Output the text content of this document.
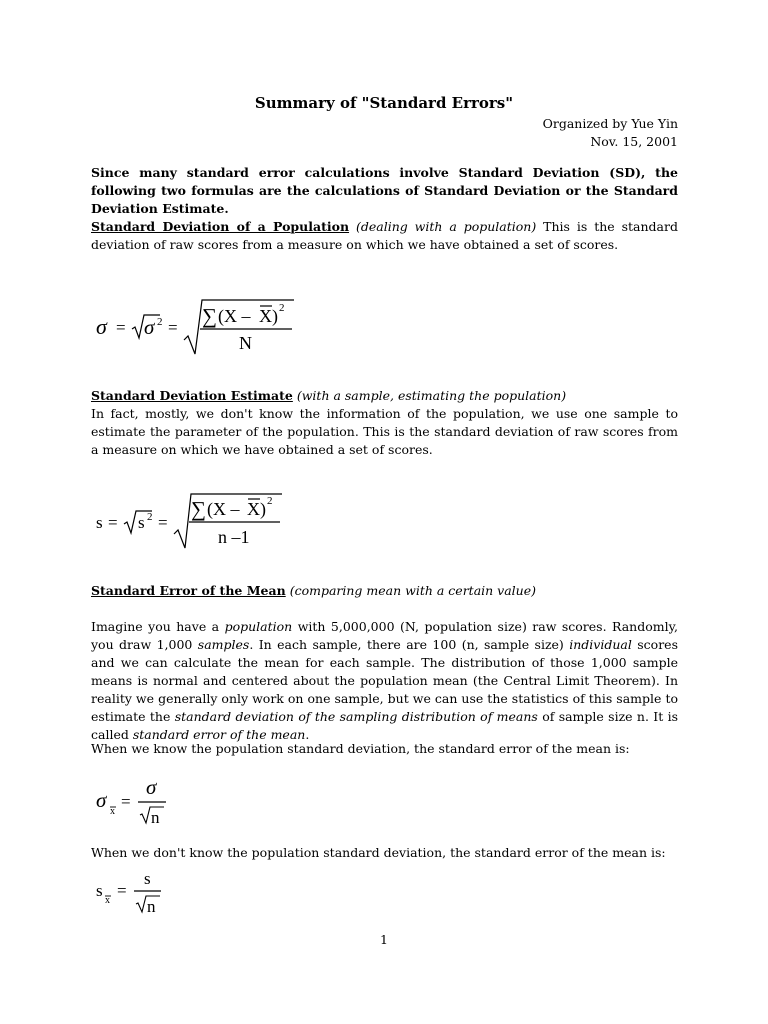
Summary of "Standard Errors"
Organized by Yue Yin
Nov. 15, 2001
Since many standard error calculations involve Standard Deviation (SD), the following two formulas are the calculations of Standard Deviation or the Standard Deviation Estimate.
Standard Deviation of a Population (dealing with a population) This is the standard deviation of raw scores from a measure on which we have obtained a set of scores.
σ = σ 2 = ∑ (X – X ) 2
N
Standard Deviation Estimate (with a sample, estimating the population)
In fact, mostly, we don't know the information of the population, we use one sample to estimate the parameter of the population. This is the standard deviation of raw scores from a measure on which we have obtained a set of scores.
s = s 2 =
∑ (X – X ) 2
n –1
Standard Error of the Mean (comparing mean with a certain value)
Imagine you have a population with 5,000,000 (N, population size) raw scores. Randomly, you draw 1,000 samples. In each sample, there are 100 (n, sample size) individual scores and we can calculate the mean for each sample. The distribution of those 1,000 sample means is normal and centered about the population mean (the Central Limit Theorem). In reality we generally only work on one sample, but we can use the statistics of this sample to estimate the standard deviation of the sampling distribution of means of sample size n. It is called standard error of the mean.
When we know the population standard deviation, the standard error of the mean is:
σ x
=
σ
n
When we don't know the population standard deviation, the standard error of the mean is:
s
x
=
s
n
1
